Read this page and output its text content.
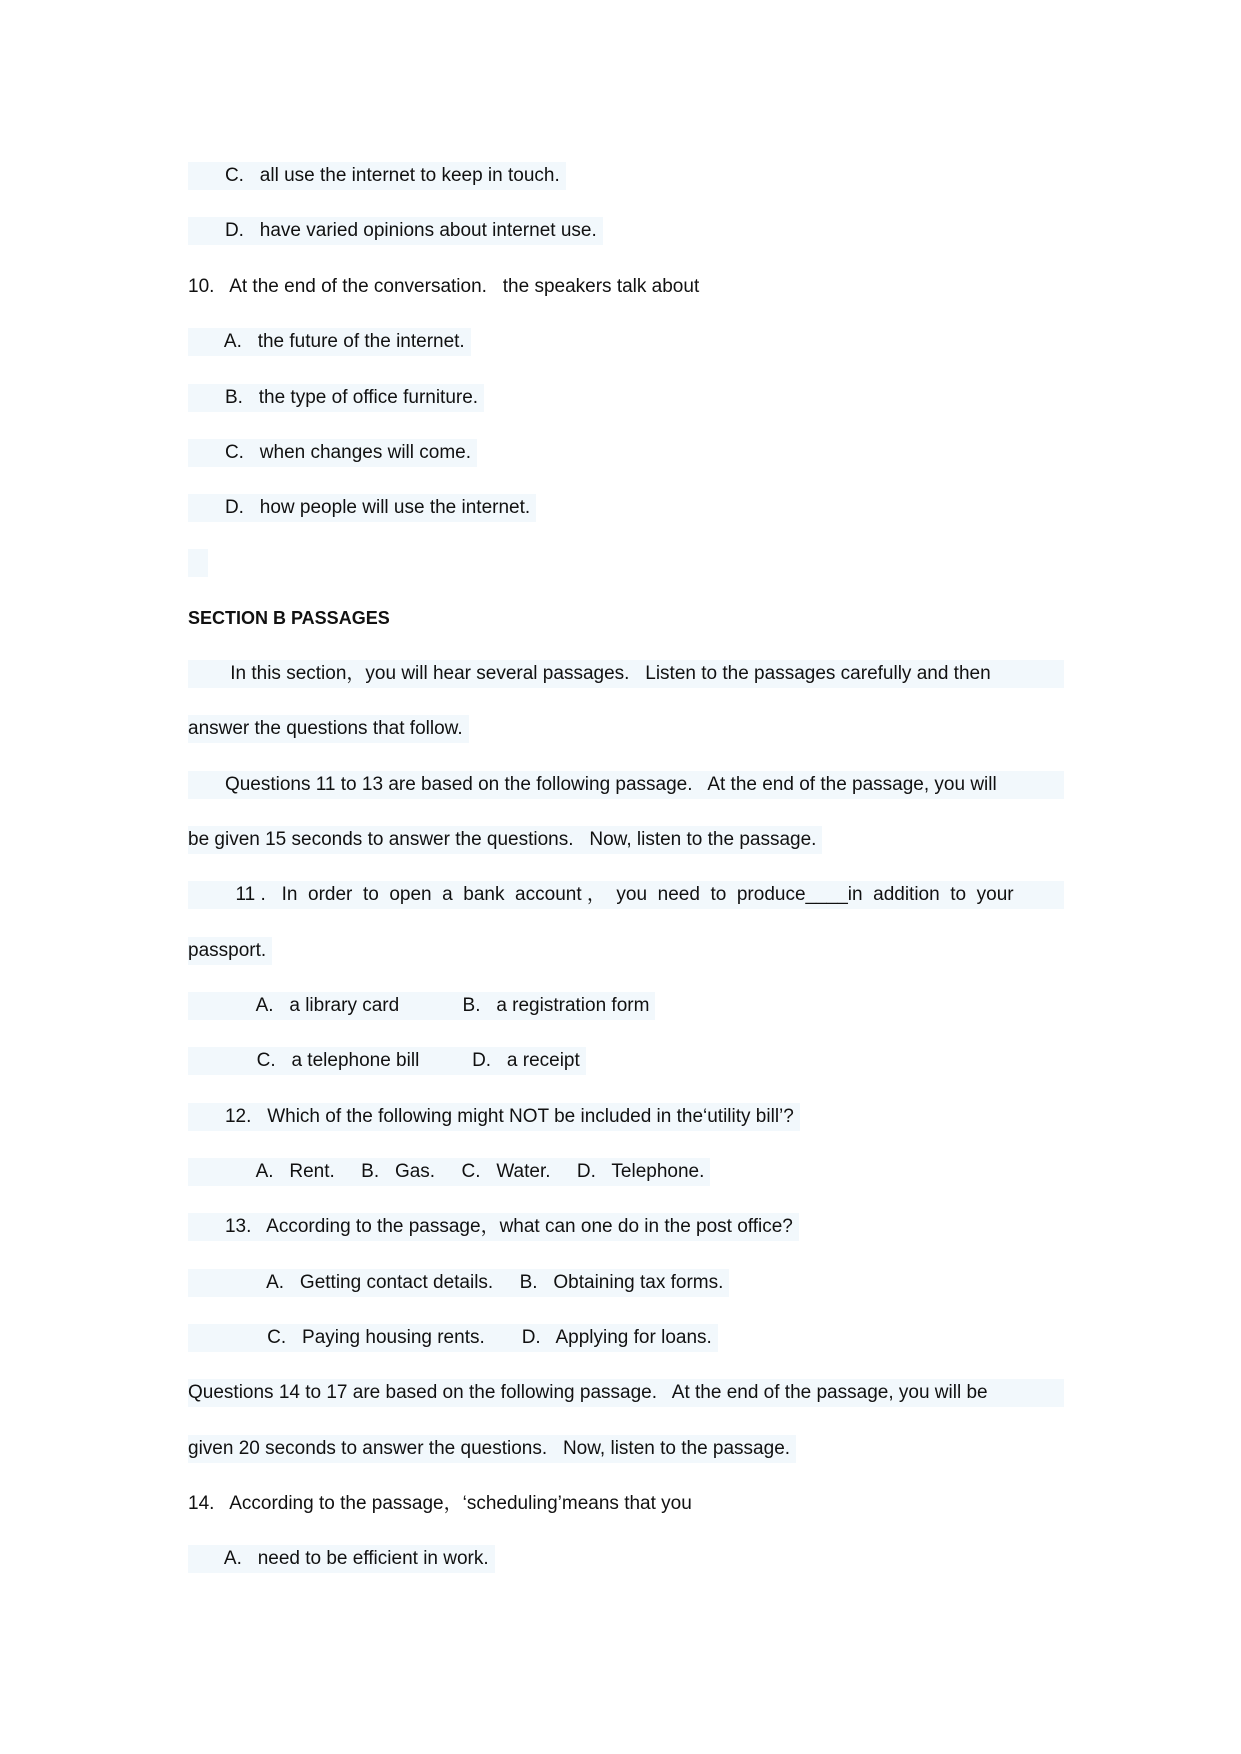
C.   all use the internet to keep in touch.

D.   have varied opinions about internet use.

10.   At the end of the conversation.   the speakers talk about

A.   the future of the internet.

B.   the type of office furniture.

C.   when changes will come.

D.   how people will use the internet.

SECTION B PASSAGES

In this section，you will hear several passages.   Listen to the passages carefully and then

answer the questions that follow.

Questions 11 to 13 are based on the following passage.   At the end of the passage, you will

be given 15 seconds to answer the questions.   Now, listen to the passage.

11 .   In  order  to  open  a  bank  account ，  you  need  to  produce____in  addition  to  your

passport.

A.   a library card            B.   a registration form

C.   a telephone bill          D.   a receipt

12.   Which of the following might NOT be included in the‘utility bill’?

A.   Rent.     B.   Gas.     C.   Water.     D.   Telephone.

13.   According to the passage，what can one do in the post office?

A.   Getting contact details.     B.   Obtaining tax forms.

C.   Paying housing rents.       D.   Applying for loans.

Questions 14 to 17 are based on the following passage.   At the end of the passage, you will be

given 20 seconds to answer the questions.   Now, listen to the passage.

14.   According to the passage，‘scheduling’means that you

A.   need to be efficient in work.
